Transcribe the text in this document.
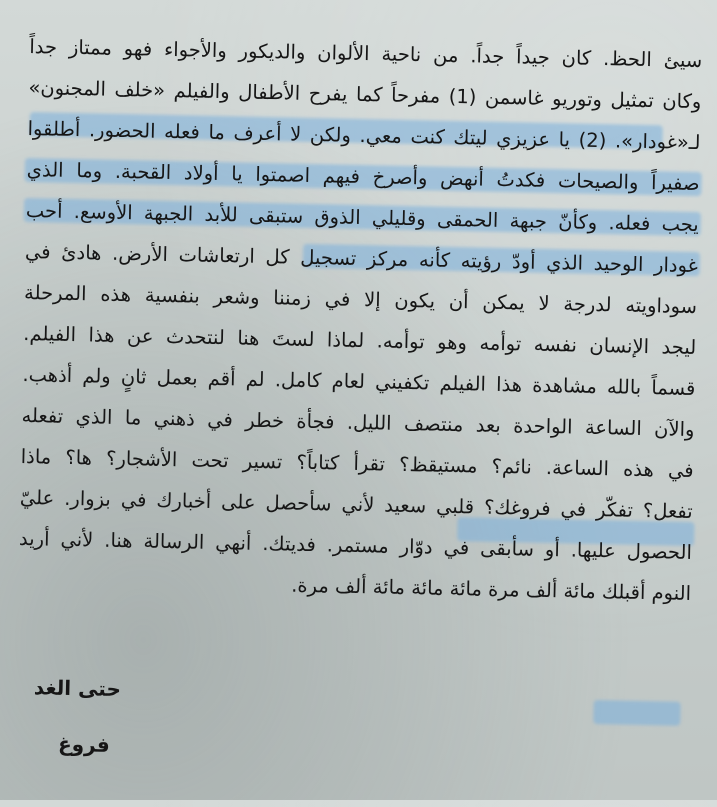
سيئ الحظ. كان جيداً جداً. من ناحية الألوان والديكور والأجواء فهو ممتاز جداً
وكان تمثيل وتوريو غاسمن (1) مفرحاً كما يفرح الأطفال والفيلم «خلف المجنون»
لـ«غودار». (2) يا عزيزي ليتك كنت معي. ولكن لا أعرف ما فعله الحضور. أطلقوا
صفيراً والصيحات فكدتُ أنهض وأصرخ فيهم اصمتوا يا أولاد القحبة. وما الذي
يجب فعله. وكأنّ جبهة الحمقى وقليلي الذوق ستبقى للأبد الجبهة الأوسع. أحب
غودار الوحيد الذي أودّ رؤيته كأنه مركز تسجيل كل ارتعاشات الأرض. هادئ في
سوداويته لدرجة لا يمكن أن يكون إلا في زمننا وشعر بنفسية هذه المرحلة
ليجد الإنسان نفسه توأمه وهو توأمه. لماذا لستَ هنا لنتحدث عن هذا الفيلم.
قسماً بالله مشاهدة هذا الفيلم تكفيني لعام كامل. لم أقم بعمل ثانٍ ولم أذهب.
والآن الساعة الواحدة بعد منتصف الليل. فجأة خطر في ذهني ما الذي تفعله
في هذه الساعة. نائم؟ مستيقظ؟ تقرأ كتاباً؟ تسير تحت الأشجار؟ ها؟ ماذا
تفعل؟ تفكّر في فروغك؟ قلبي سعيد لأني سأحصل على أخبارك في بزوار. عليّ
الحصول عليها. أو سأبقى في دوّار مستمر. فديتك. أنهي الرسالة هنا. لأني أريد
النوم أقبلك مائة ألف مرة مائة مائة مائة ألف مرة.
حتى الغد
فروغ
